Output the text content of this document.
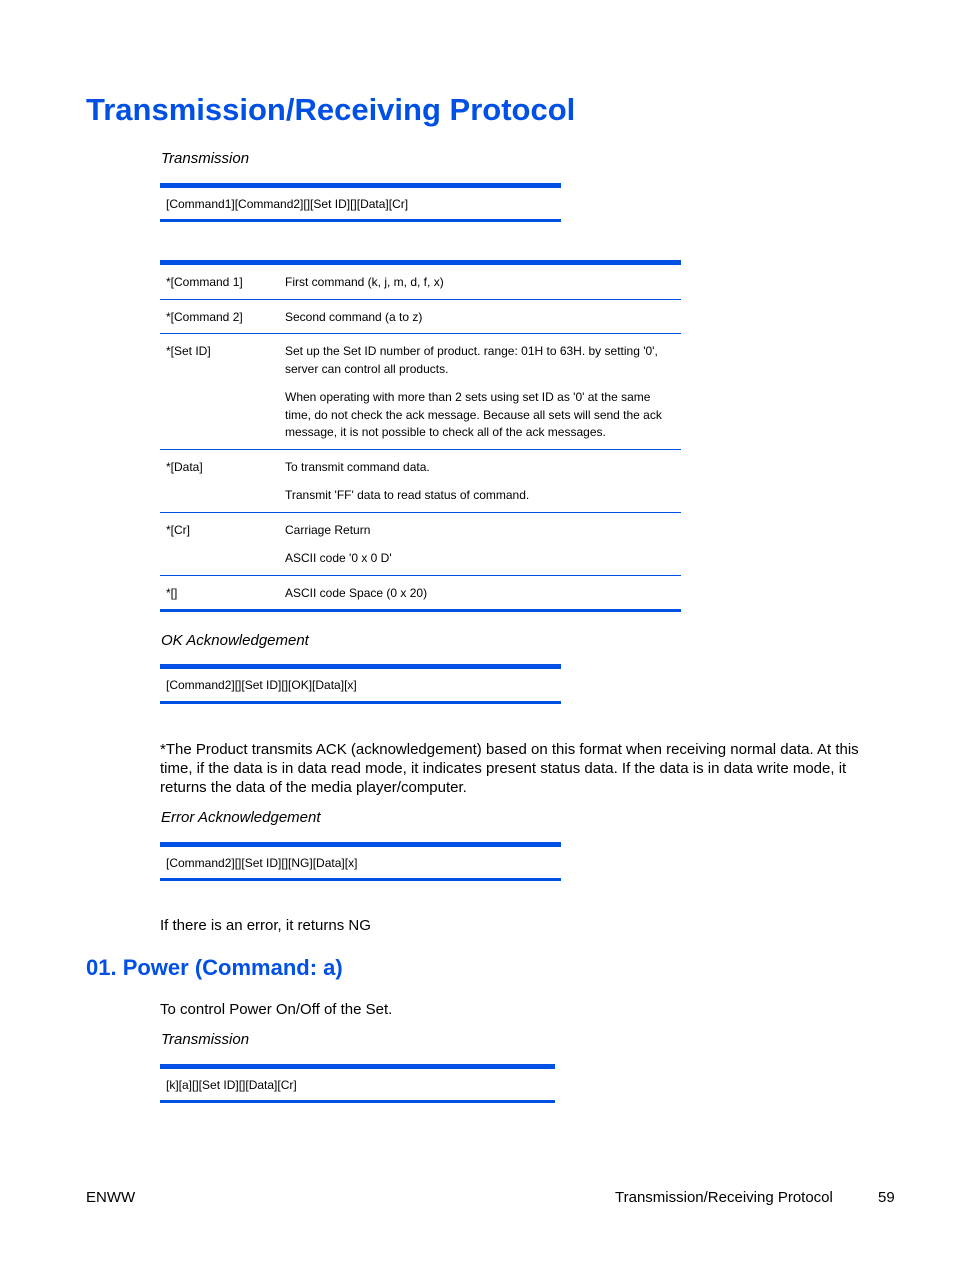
Transmission/Receiving Protocol
Transmission
[Command1][Command2][][Set ID][][Data][Cr]
*[Command 1]	First command (k, j, m, d, f, x)

*[Command 2]	Second command (a to z)

*[Set ID]	Set up the Set ID number of product. range: 01H to 63H. by setting '0', server can control all products.

When operating with more than 2 sets using set ID as '0' at the same time, do not check the ack message. Because all sets will send the ack message, it is not possible to check all of the ack messages.

*[Data]	To transmit command data.

Transmit 'FF' data to read status of command.

*[Cr]	Carriage Return

ASCII code '0 x 0 D'

*[]	ASCII code Space (0 x 20)

OK Acknowledgement
[Command2][][Set ID][][OK][Data][x]
*The Product transmits ACK (acknowledgement) based on this format when receiving normal data. At this time, if the data is in data read mode, it indicates present status data. If the data is in data write mode, it returns the data of the media player/computer.
Error Acknowledgement
[Command2][][Set ID][][NG][Data][x]
If there is an error, it returns NG
01. Power (Command: a)
To control Power On/Off of the Set.
Transmission
[k][a][][Set ID][][Data][Cr]
ENWW	Transmission/Receiving Protocol	59
